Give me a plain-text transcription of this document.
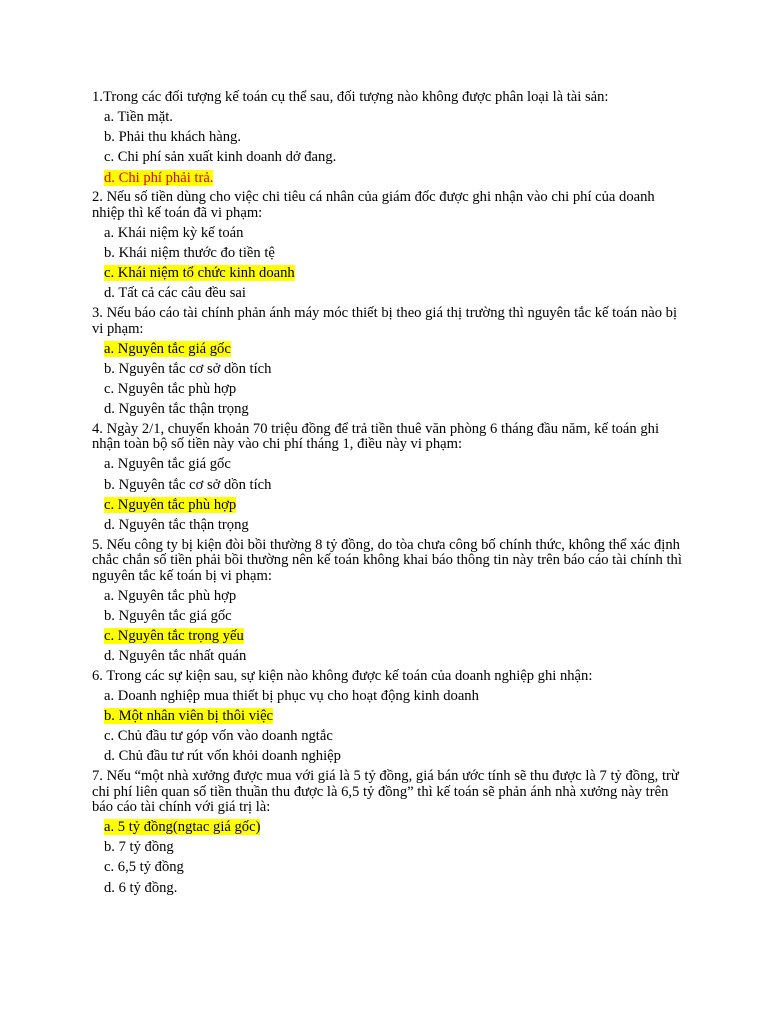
1.Trong các đối tượng kế toán cụ thể sau, đối tượng nào không được phân loại là tài sản:
a. Tiền mặt.
b. Phải thu khách hàng.
c. Chi phí sản xuất kinh doanh dở đang.
d. Chi phí phải trả.
2. Nếu số tiền dùng cho việc chi tiêu cá nhân của giám đốc được ghi nhận vào chi phí của doanh nhiệp thì kế toán đã vi phạm:
a. Khái niệm kỳ kế toán
b. Khái niệm thước đo tiền tệ
c. Khái niệm tổ chức kinh doanh
d. Tất cả các câu đều sai
3. Nếu báo cáo tài chính phản ánh máy móc thiết bị theo giá thị trường thì nguyên tắc kế toán nào bị vi phạm:
a. Nguyên tắc giá gốc
b. Nguyên tắc cơ sở dồn tích
c. Nguyên tắc phù hợp
d. Nguyên tắc thận trọng
4. Ngày 2/1, chuyển khoản 70 triệu đồng để trả tiền thuê văn phòng 6 tháng đầu năm, kế toán ghi nhận toàn bộ số tiền này vào chi phí tháng 1, điều này vi phạm:
a. Nguyên tắc giá gốc
b. Nguyên tắc cơ sở dồn tích
c. Nguyên tắc phù hợp
d. Nguyên tắc thận trọng
5. Nếu công ty bị kiện đòi bồi thường 8 tỷ đồng, do tòa chưa công bố chính thức, không thể xác định chắc chắn số tiền phải bồi thường nên kế toán không khai báo thông tin này trên báo cáo tài chính thì nguyên tắc kế toán bị vi phạm:
a. Nguyên tắc phù hợp
b. Nguyên tắc giá gốc
c. Nguyên tắc trọng yếu
d. Nguyên tắc nhất quán
6. Trong các sự kiện sau, sự kiện nào không được kế toán của doanh nghiệp ghi nhận:
a. Doanh nghiệp mua thiết bị phục vụ cho hoạt động kinh doanh
b. Một nhân viên bị thôi việc
c. Chủ đầu tư góp vốn vào doanh ngtắc
d. Chủ đầu tư rút vốn khỏi doanh nghiệp
7. Nếu “một nhà xưởng được mua với giá là 5 tỷ đồng, giá bán ước tính sẽ thu được là 7 tỷ đồng, trừ chi phí liên quan số tiền thuần thu được là 6,5 tỷ đồng” thì kế toán sẽ phản ánh nhà xưởng này trên báo cáo tài chính với giá trị là:
a. 5 tỷ đồng(ngtac giá gốc)
b. 7 tỷ đồng
c. 6,5 tỷ đồng
d. 6 tỷ đồng.
